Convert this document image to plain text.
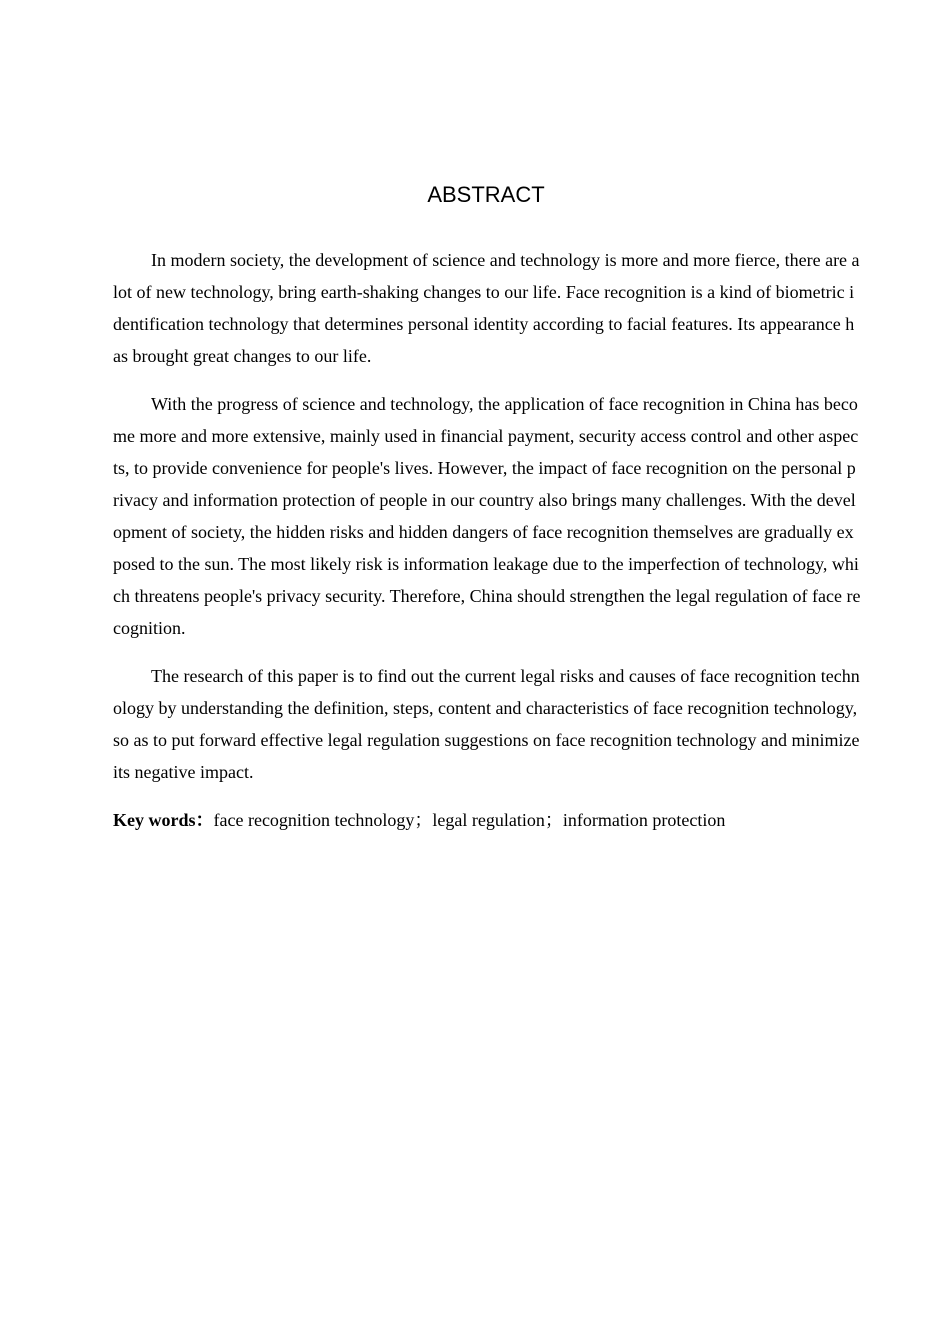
ABSTRACT

In modern society, the development of science and technology is more and more fierce, there are a lot of new technology, bring earth-shaking changes to our life. Face recognition is a kind of biometric identification technology that determines personal identity according to facial features. Its appearance has brought great changes to our life.

With the progress of science and technology, the application of face recognition in China has become more and more extensive, mainly used in financial payment, security access control and other aspects, to provide convenience for people's lives. However, the impact of face recognition on the personal privacy and information protection of people in our country also brings many challenges. With the development of society, the hidden risks and hidden dangers of face recognition themselves are gradually exposed to the sun. The most likely risk is information leakage due to the imperfection of technology, which threatens people's privacy security. Therefore, China should strengthen the legal regulation of face recognition.

The research of this paper is to find out the current legal risks and causes of face recognition technology by understanding the definition, steps, content and characteristics of face recognition technology, so as to put forward effective legal regulation suggestions on face recognition technology and minimize its negative impact.

Key words：face recognition technology；legal regulation；information protection
